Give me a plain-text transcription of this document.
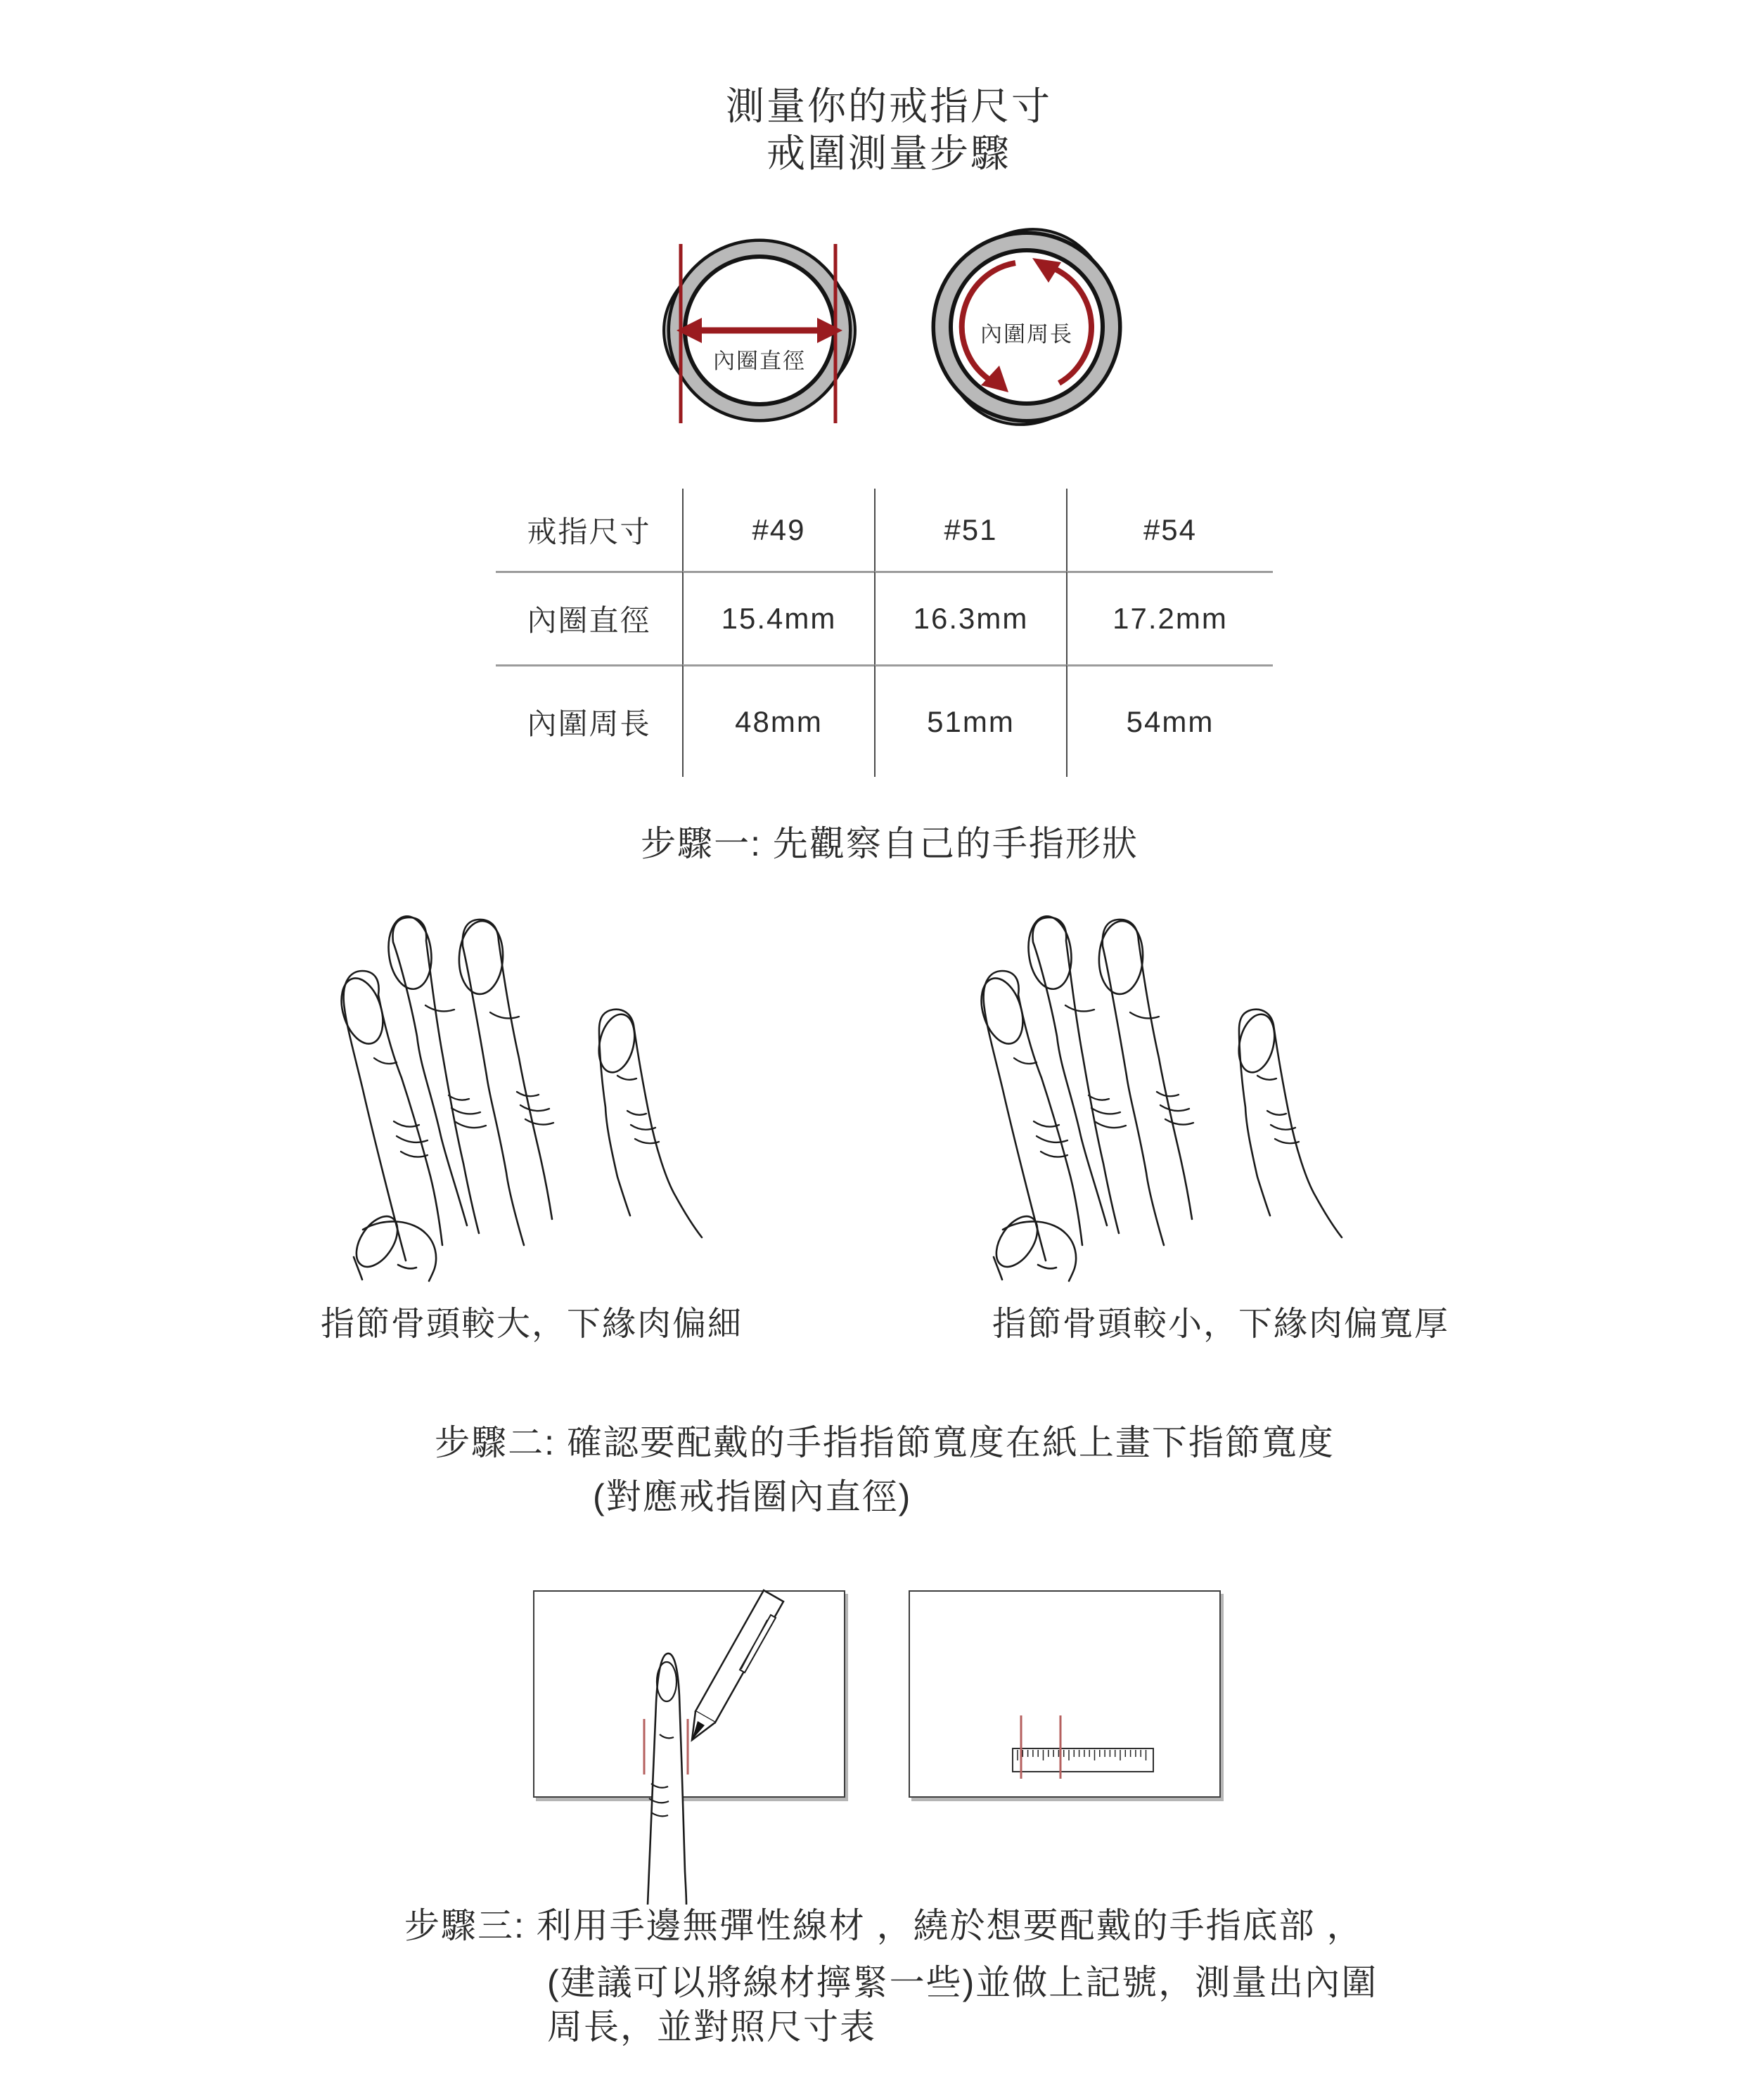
測量你的戒指尺寸
戒圍測量步驟
內圈直徑
內圍周長
戒指尺寸	#49	#51	#54
內圈直徑	15.4mm	16.3mm	17.2mm
內圍周長	48mm	51mm	54mm
步驟一: 先觀察自己的手指形狀
指節骨頭較大，下緣肉偏細	指節骨頭較小，下緣肉偏寬厚
步驟二: 確認要配戴的手指指節寬度在紙上畫下指節寬度
(對應戒指圈內直徑)
步驟三: 利用手邊無彈性線材 ，繞於想要配戴的手指底部 ，
(建議可以將線材擰緊一些)並做上記號，測量出內圍
周長，並對照尺寸表
